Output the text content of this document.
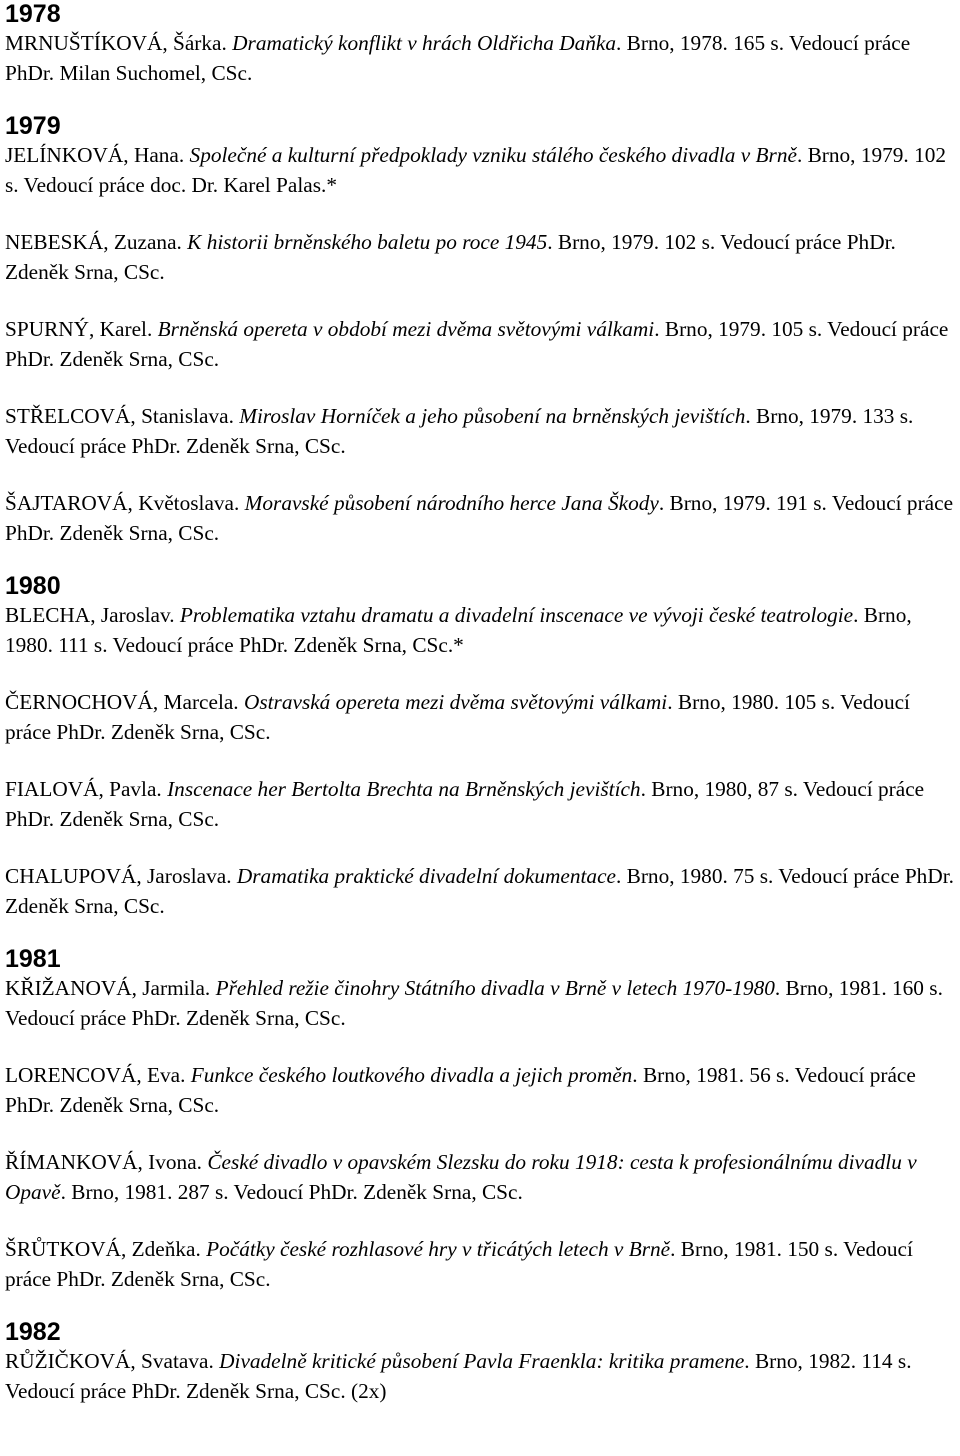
1978

MRNUŠTÍKOVÁ, Šárka. Dramatický konflikt v hrách Oldřicha Daňka. Brno, 1978. 165 s. Vedoucí práce PhDr. Milan Suchomel, CSc.

1979

JELÍNKOVÁ, Hana. Společné a kulturní předpoklady vzniku stálého českého divadla v Brně. Brno, 1979. 102 s. Vedoucí práce doc. Dr. Karel Palas.*

NEBESKÁ, Zuzana. K historii brněnského baletu po roce 1945. Brno, 1979. 102 s. Vedoucí práce PhDr. Zdeněk Srna, CSc.

SPURNÝ, Karel. Brněnská opereta v období mezi dvěma světovými válkami. Brno, 1979. 105 s. Vedoucí práce PhDr. Zdeněk Srna, CSc.

STŘELCOVÁ, Stanislava. Miroslav Horníček a jeho působení na brněnských jevištích. Brno, 1979. 133 s. Vedoucí práce PhDr. Zdeněk Srna, CSc.

ŠAJTAROVÁ, Květoslava. Moravské působení národního herce Jana Škody. Brno, 1979. 191 s. Vedoucí práce PhDr. Zdeněk Srna, CSc.

1980

BLECHA, Jaroslav. Problematika vztahu dramatu a divadelní inscenace ve vývoji české teatrologie. Brno, 1980. 111 s. Vedoucí práce PhDr. Zdeněk Srna, CSc.*

ČERNOCHOVÁ, Marcela. Ostravská opereta mezi dvěma světovými válkami. Brno, 1980. 105 s. Vedoucí práce PhDr. Zdeněk Srna, CSc.

FIALOVÁ, Pavla. Inscenace her Bertolta Brechta na Brněnských jevištích. Brno, 1980, 87 s. Vedoucí práce PhDr. Zdeněk Srna, CSc.

CHALUPOVÁ, Jaroslava. Dramatika praktické divadelní dokumentace. Brno, 1980. 75 s. Vedoucí práce PhDr. Zdeněk Srna, CSc.

1981

KŘIŽANOVÁ, Jarmila. Přehled režie činohry Státního divadla v Brně v letech 1970-1980. Brno, 1981. 160 s. Vedoucí práce PhDr. Zdeněk Srna, CSc.

LORENCOVÁ, Eva. Funkce českého loutkového divadla a jejich proměn. Brno, 1981. 56 s. Vedoucí práce PhDr. Zdeněk Srna, CSc.

ŘÍMANKOVÁ, Ivona. České divadlo v opavském Slezsku do roku 1918: cesta k profesionálnímu divadlu v Opavě. Brno, 1981. 287 s. Vedoucí PhDr. Zdeněk Srna, CSc.

ŠRŮTKOVÁ, Zdeňka. Počátky české rozhlasové hry v třicátých letech v Brně. Brno, 1981. 150 s. Vedoucí práce PhDr. Zdeněk Srna, CSc.

1982

RŮŽIČKOVÁ, Svatava. Divadelně kritické působení Pavla Fraenkla: kritika pramene. Brno, 1982. 114 s. Vedoucí práce PhDr. Zdeněk Srna, CSc. (2x)
